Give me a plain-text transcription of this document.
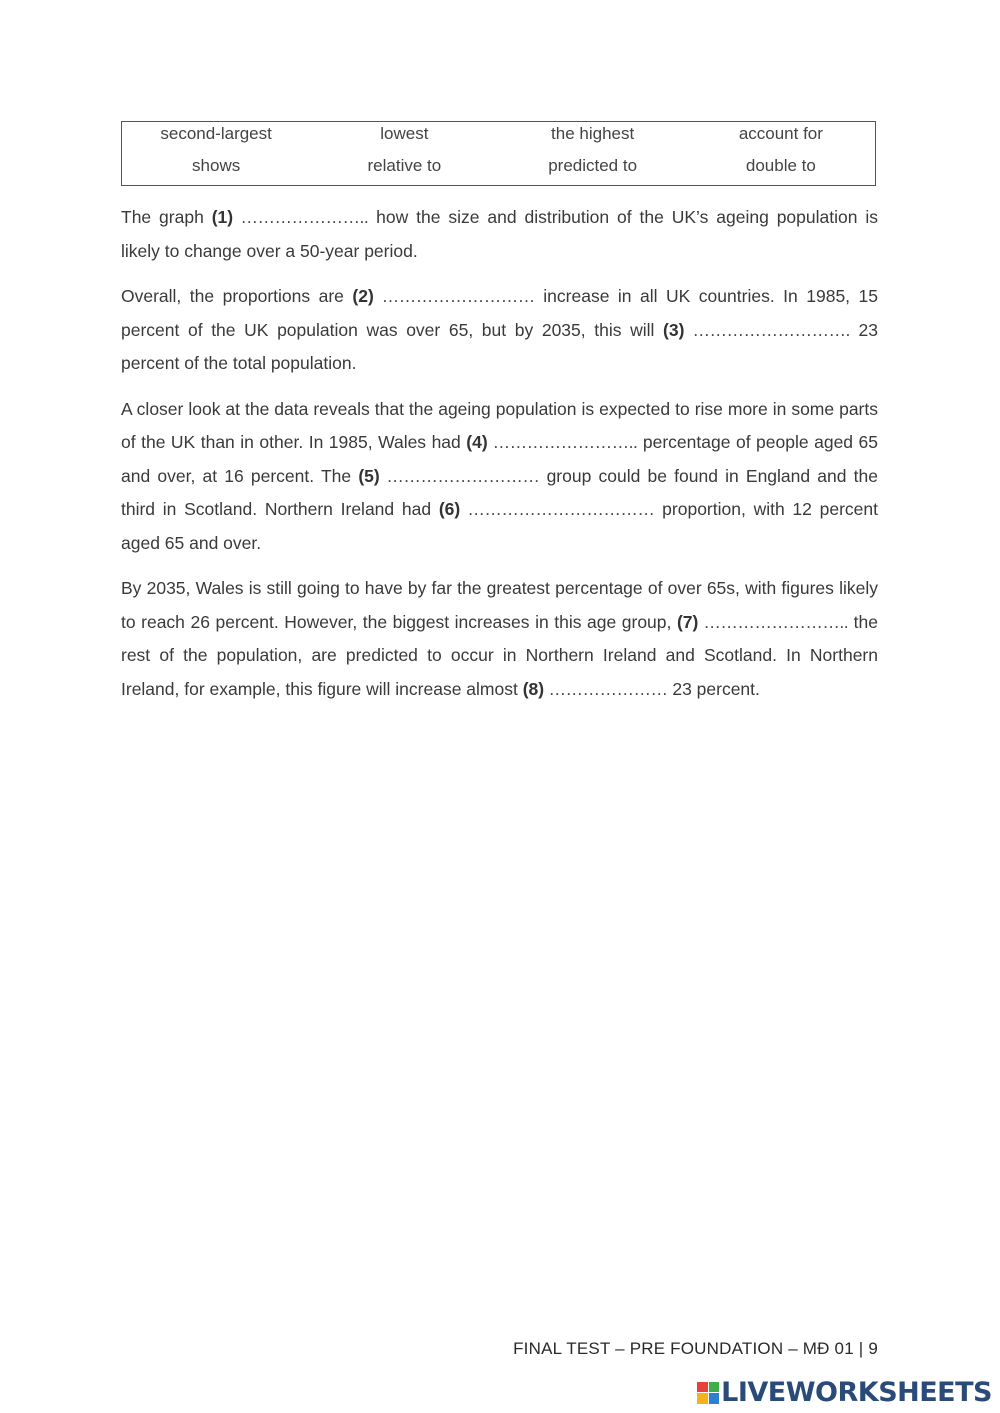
second-largest	lowest	the highest	account for
shows	relative to	predicted to	double to

The graph (1) ………………….. how the size and distribution of the UK’s ageing population is likely to change over a 50-year period.

Overall, the proportions are (2) ……………………… increase in all UK countries. In 1985, 15 percent of the UK population was over 65, but by 2035, this will (3) ………………………. 23 percent of the total population.

A closer look at the data reveals that the ageing population is expected to rise more in some parts of the UK than in other. In 1985, Wales had (4) …………………….. percentage of people aged 65 and over, at 16 percent. The (5) ……………………… group could be found in England and the third in Scotland. Northern Ireland had (6) …………………………… proportion, with 12 percent aged 65 and over.

By 2035, Wales is still going to have by far the greatest percentage of over 65s, with figures likely to reach 26 percent. However, the biggest increases in this age group, (7) …………………….. the rest of the population, are predicted to occur in Northern Ireland and Scotland. In Northern Ireland, for example, this figure will increase almost (8) ………………… 23 percent.

FINAL TEST – PRE FOUNDATION – MĐ 01 | 9
LIVEWORKSHEETS
